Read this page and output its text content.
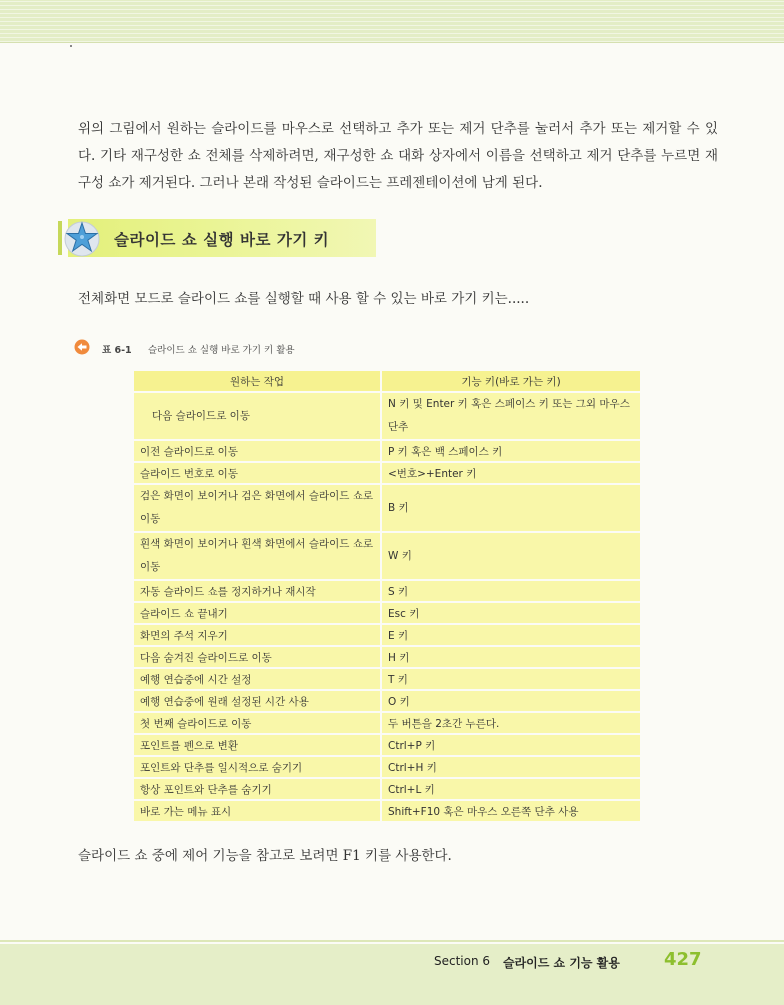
위의 그림에서 원하는 슬라이드를 마우스로 선택하고 추가 또는 제거 단추를 눌러서 추가 또는 제거할 수 있다. 기타 재구성한 쇼 전체를 삭제하려면, 재구성한 쇼 대화 상자에서 이름을 선택하고 제거 단추를 누르면 재구성 쇼가 제거된다. 그러나 본래 작성된 슬라이드는 프레젠테이션에 남게 된다.

슬라이드 쇼 실행 바로 가기 키

전체화면 모드로 슬라이드 쇼를 실행할 때 사용 할 수 있는 바로 가기 키는.....

표 6-1 슬라이드 쇼 실행 바로 가기 키 활용
원하는 작업	기능 키(바로 가는 키)
다음 슬라이드로 이동	N 키 및 Enter 키 혹은 스페이스 키 또는 그외 마우스 단추
이전 슬라이드로 이동	P 키 혹은 백 스페이스 키
슬라이드 번호로 이동	<번호>+Enter 키
검은 화면이 보이거나 검은 화면에서 슬라이드 쇼로 이동	B 키
흰색 화면이 보이거나 흰색 화면에서 슬라이드 쇼로 이동	W 키
자동 슬라이드 쇼를 정지하거나 재시작	S 키
슬라이드 쇼 끝내기	Esc 키
화면의 주석 지우기	E 키
다음 숨겨진 슬라이드로 이동	H 키
예행 연습중에 시간 설정	T 키
예행 연습중에 원래 설정된 시간 사용	O 키
첫 번째 슬라이드로 이동	두 버튼을 2초간 누른다.
포인트를 펜으로 변환	Ctrl+P 키
포인트와 단추를 일시적으로 숨기기	Ctrl+H 키
항상 포인트와 단추를 숨기기	Ctrl+L 키
바로 가는 메뉴 표시	Shift+F10 혹은 마우스 오른쪽 단추 사용

슬라이드 쇼 중에 제어 기능을 참고로 보려면 F1 키를 사용한다.

Section 6 슬라이드 쇼 기능 활용 427
